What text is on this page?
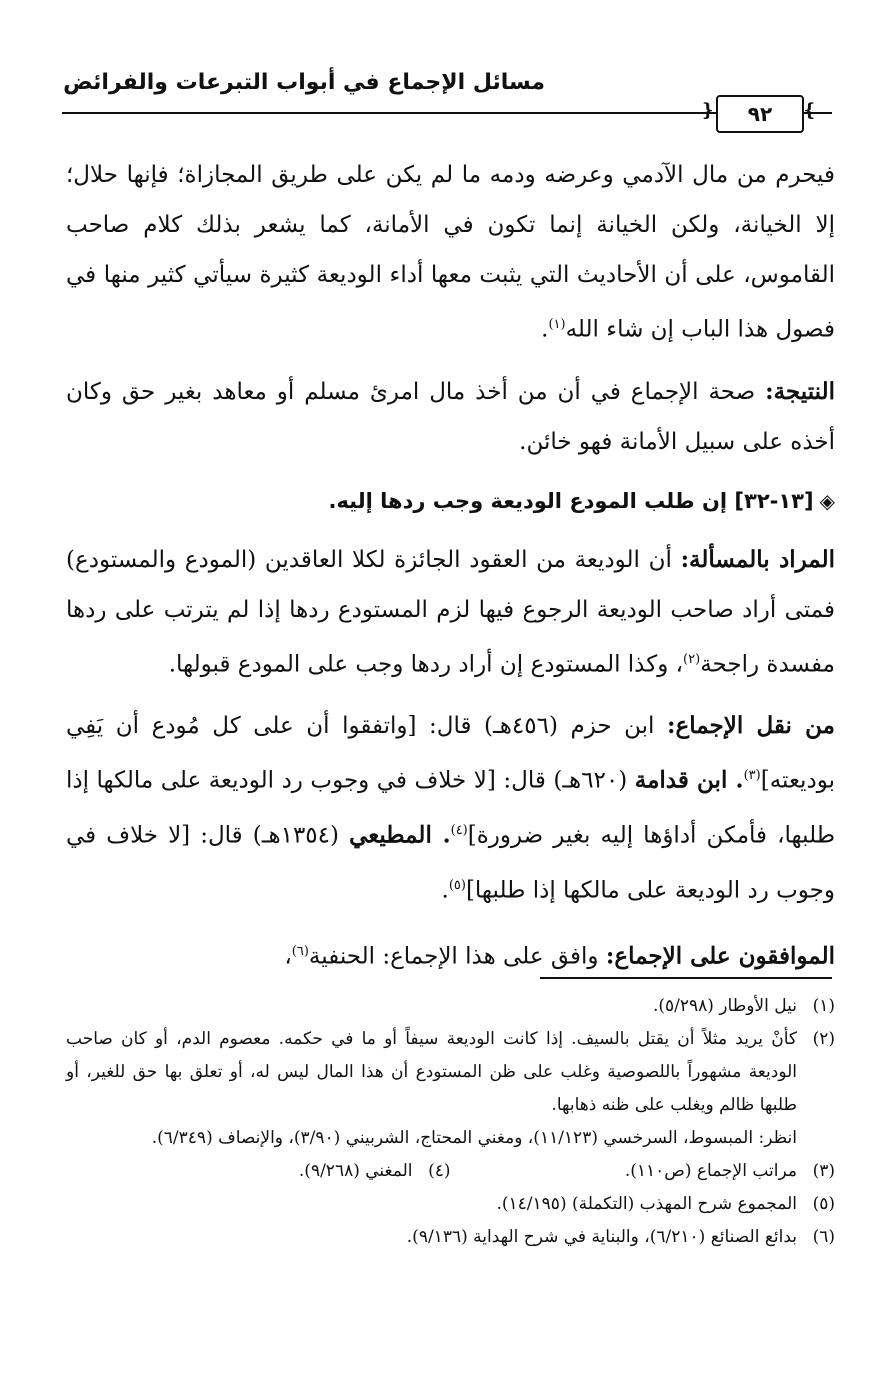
مسائل الإجماع في أبواب التبرعات والفرائض
❴	٩٢	❵

فيحرم من مال الآدمي وعرضه ودمه ما لم يكن على طريق المجازاة؛ فإنها حلال؛ إلا الخيانة، ولكن الخيانة إنما تكون في الأمانة، كما يشعر بذلك كلام صاحب القاموس، على أن الأحاديث التي يثبت معها أداء الوديعة كثيرة سيأتي كثير منها في فصول هذا الباب إن شاء الله$^{(١)}$.

النتيجة: صحة الإجماع في أن من أخذ مال امرئ مسلم أو معاهد بغير حق وكان أخذه على سبيل الأمانة فهو خائن.

◈[١٣-٣٢] إن طلب المودع الوديعة وجب ردها إليه.

المراد بالمسألة: أن الوديعة من العقود الجائزة لكلا العاقدين (المودع والمستودع) فمتى أراد صاحب الوديعة الرجوع فيها لزم المستودع ردها إذا لم يترتب على ردها مفسدة راجحة$^{(٢)}$، وكذا المستودع إن أراد ردها وجب على المودع قبولها.

من نقل الإجماع: ابن حزم (٤٥٦هـ) قال: [واتفقوا أن على كل مُودع أن يَفِي بوديعته]$^{(٣)}$. ابن قدامة (٦٢٠هـ) قال: [لا خلاف في وجوب رد الوديعة على مالكها إذا طلبها، فأمكن أداؤها إليه بغير ضرورة]$^{(٤)}$. المطيعي (١٣٥٤هـ) قال: [لا خلاف في وجوب رد الوديعة على مالكها إذا طلبها]$^{(٥)}$.

الموافقون على الإجماع: وافق على هذا الإجماع: الحنفية$^{(٦)}$،

(١)
نيل الأوطار (٥/٢٩٨).
(٢)
كأنْ يريد مثلاً أن يقتل بالسيف. إذا كانت الوديعة سيفاً أو ما في حكمه. معصوم الدم، أو كان صاحب الوديعة مشهوراً باللصوصية وغلب على ظن المستودع أن هذا المال ليس له، أو تعلق بها حق للغير، أو طلبها ظالم ويغلب على ظنه ذهابها.
انظر: المبسوط، السرخسي (١١/١٢٣)، ومغني المحتاج، الشربيني (٣/٩٠)، والإنصاف (٦/٣٤٩).
(٣)
مراتب الإجماع (ص١١٠).
(٤)
المغني (٩/٢٦٨).
(٥)
المجموع شرح المهذب (التكملة) (١٤/١٩٥).
(٦)
بدائع الصنائع (٦/٢١٠)، والبناية في شرح الهداية (٩/١٣٦).
